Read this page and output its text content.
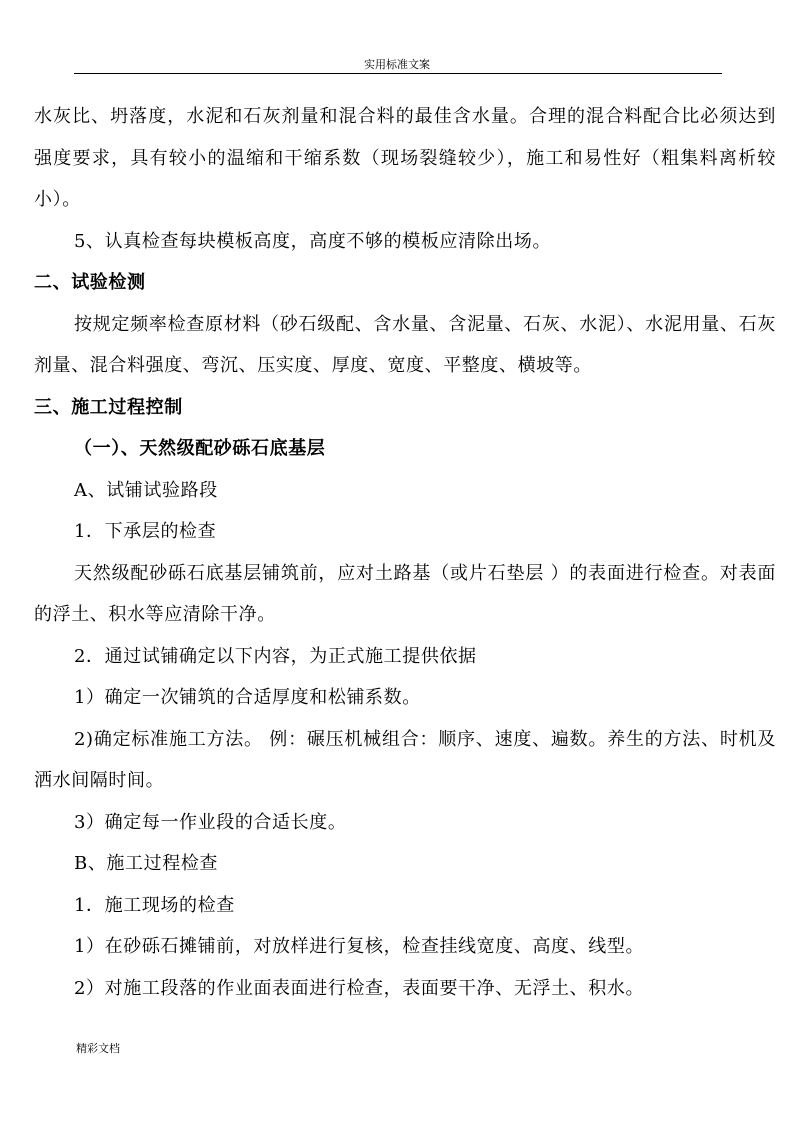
实用标准文案

水灰比、坍落度，水泥和石灰剂量和混合料的最佳含水量。合理的混合料配合比必须达到强度要求，具有较小的温缩和干缩系数（现场裂缝较少），施工和易性好（粗集料离析较小）。

5、认真检查每块模板高度，高度不够的模板应清除出场。

二、试验检测

按规定频率检查原材料（砂石级配、含水量、含泥量、石灰、水泥）、水泥用量、石灰剂量、混合料强度、弯沉、压实度、厚度、宽度、平整度、横坡等。

三、施工过程控制

（一）、天然级配砂砾石底基层

A、试铺试验路段

1．下承层的检查

天然级配砂砾石底基层铺筑前，应对土路基（或片石垫层 ）的表面进行检查。对表面的浮土、积水等应清除干净。

2．通过试铺确定以下内容，为正式施工提供依据

1）确定一次铺筑的合适厚度和松铺系数。

2)确定标准施工方法。 例：碾压机械组合：顺序、速度、遍数。养生的方法、时机及洒水间隔时间。

3）确定每一作业段的合适长度。

B、施工过程检查

1．施工现场的检查

1）在砂砾石摊铺前，对放样进行复核，检查挂线宽度、高度、线型。

2）对施工段落的作业面表面进行检查，表面要干净、无浮土、积水。

精彩文档
